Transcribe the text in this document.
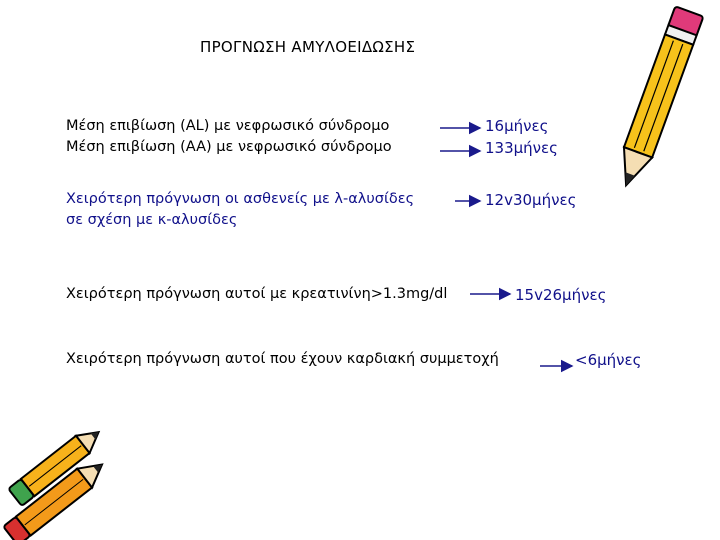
ΠΡΟΓΝΩΣΗ ΑΜΥΛΟΕΙΔΩΣΗΣ
Μέση επιβίωση (AL) με νεφρωσικό σύνδρομο
Μέση επιβίωση (AA) με νεφρωσικό σύνδρομο
16μήνες
133μήνες
Χειρότερη πρόγνωση οι ασθενείς με λ-αλυσίδες
σε σχέση με κ-αλυσίδες
12v30μήνες
Χειρότερη πρόγνωση αυτοί με κρεατινίνη>1.3mg/dl	15v26μήνες
Χειρότερη πρόγνωση αυτοί που έχουν καρδιακή συμμετοχή	<6μήνες
